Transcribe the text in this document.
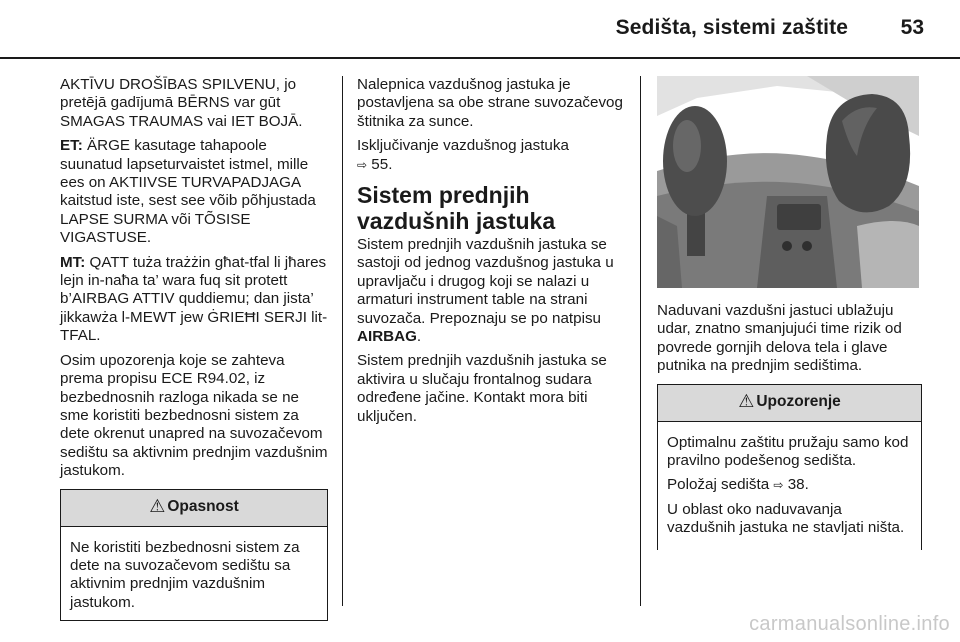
Sedišta, sistemi zaštite	53

AKTĪVU DROŠĪBAS SPILVENU, jo pretējā gadījumā BĒRNS var gūt SMAGAS TRAUMAS vai IET BOJĀ.

ET: ÄRGE kasutage tahapoole suunatud lapseturvaistet istmel, mille ees on AKTIIVSE TURVAPADJAGA kaitstud iste, sest see võib põhjustada LAPSE SURMA või TÕSISE VIGASTUSE.

MT: QATT tuża trażżin għat-tfal li jħares lejn in-naħa ta’ wara fuq sit protett b’AIRBAG ATTIV quddiemu; dan jista’ jikkawża l-MEWT jew ĠRIEĦI SERJI lit-TFAL.

Osim upozorenja koje se zahteva prema propisu ECE R94.02, iz bezbednosnih razloga nikada se ne sme koristiti bezbednosni sistem za dete okrenut unapred na suvozačevom sedištu sa aktivnim prednjim vazdušnim jastukom.

⚠ Opasnost

Ne koristiti bezbednosni sistem za dete na suvozačevom sedištu sa aktivnim prednjim vazdušnim jastukom.

Nalepnica vazdušnog jastuka je postavljena sa obe strane suvozačevog štitnika za sunce.

Isključivanje vazdušnog jastuka
⇨ 55.

Sistem prednjih vazdušnih jastuka

Sistem prednjih vazdušnih jastuka se sastoji od jednog vazdušnog jastuka u upravljaču i drugog koji se nalazi u armaturi instrument table na strani suvozača. Prepoznaju se po natpisu AIRBAG.

Sistem prednjih vazdušnih jastuka se aktivira u slučaju frontalnog sudara određene jačine. Kontakt mora biti uključen.

Naduvani vazdušni jastuci ublažuju udar, znatno smanjujući time rizik od povrede gornjih delova tela i glave putnika na prednjim sedištima.

⚠ Upozorenje

Optimalnu zaštitu pružaju samo kod pravilno podešenog sedišta.

Položaj sedišta ⇨ 38.

U oblast oko naduvavanja vazdušnih jastuka ne stavljati ništa.

carmanualsonline.info
